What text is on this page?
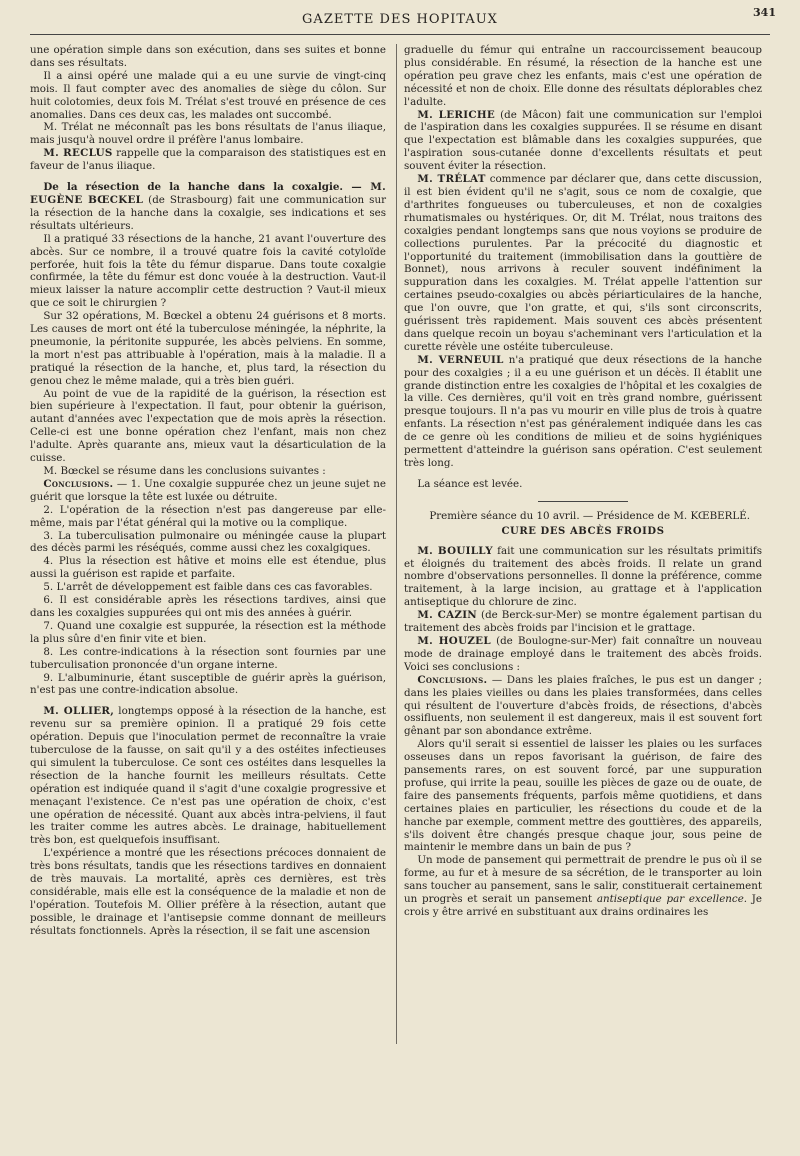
GAZETTE DES HOPITAUX	341

une opération simple dans son exécution, dans ses suites et bonne dans ses résultats.

Il a ainsi opéré une malade qui a eu une survie de vingt-cinq mois. Il faut compter avec des anomalies de siège du côlon. Sur huit colotomies, deux fois M. Trélat s'est trouvé en présence de ces anomalies. Dans ces deux cas, les malades ont succombé.

M. Trélat ne méconnaît pas les bons résultats de l'anus iliaque, mais jusqu'à nouvel ordre il préfère l'anus lombaire.

M. RECLUS rappelle que la comparaison des statistiques est en faveur de l'anus iliaque.

De la résection de la hanche dans la coxalgie. — M. EUGÈNE BŒCKEL (de Strasbourg) fait une communication sur la résection de la hanche dans la coxalgie, ses indications et ses résultats ultérieurs.

Il a pratiqué 33 résections de la hanche, 21 avant l'ouverture des abcès. Sur ce nombre, il a trouvé quatre fois la cavité cotyloïde perforée, huit fois la tête du fémur disparue. Dans toute coxalgie confirmée, la tête du fémur est donc vouée à la destruction. Vaut-il mieux laisser la nature accomplir cette destruction ? Vaut-il mieux que ce soit le chirurgien ?

Sur 32 opérations, M. Bœckel a obtenu 24 guérisons et 8 morts. Les causes de mort ont été la tuberculose méningée, la néphrite, la pneumonie, la péritonite suppurée, les abcès pelviens. En somme, la mort n'est pas attribuable à l'opération, mais à la maladie. Il a pratiqué la résection de la hanche, et, plus tard, la résection du genou chez le même malade, qui a très bien guéri.

Au point de vue de la rapidité de la guérison, la résection est bien supérieure à l'expectation. Il faut, pour obtenir la guérison, autant d'années avec l'expectation que de mois après la résection. Celle-ci est une bonne opération chez l'enfant, mais non chez l'adulte. Après quarante ans, mieux vaut la désarticulation de la cuisse.

M. Bœckel se résume dans les conclusions suivantes :

Conclusions. — 1. Une coxalgie suppurée chez un jeune sujet ne guérit que lorsque la tête est luxée ou détruite.

2. L'opération de la résection n'est pas dangereuse par elle-même, mais par l'état général qui la motive ou la complique.

3. La tuberculisation pulmonaire ou méningée cause la plupart des décès parmi les réséqués, comme aussi chez les coxalgiques.

4. Plus la résection est hâtive et moins elle est étendue, plus aussi la guérison est rapide et parfaite.

5. L'arrêt de développement est faible dans ces cas favorables.

6. Il est considérable après les résections tardives, ainsi que dans les coxalgies suppurées qui ont mis des années à guérir.

7. Quand une coxalgie est suppurée, la résection est la méthode la plus sûre d'en finir vite et bien.

8. Les contre-indications à la résection sont fournies par une tuberculisation prononcée d'un organe interne.

9. L'albuminurie, étant susceptible de guérir après la guérison, n'est pas une contre-indication absolue.

M. OLLIER, longtemps opposé à la résection de la hanche, est revenu sur sa première opinion. Il a pratiqué 29 fois cette opération. Depuis que l'inoculation permet de reconnaître la vraie tuberculose de la fausse, on sait qu'il y a des ostéites infectieuses qui simulent la tuberculose. Ce sont ces ostéites dans lesquelles la résection de la hanche fournit les meilleurs résultats. Cette opération est indiquée quand il s'agit d'une coxalgie progressive et menaçant l'existence. Ce n'est pas une opération de choix, c'est une opération de nécessité. Quant aux abcès intra-pelviens, il faut les traiter comme les autres abcès. Le drainage, habituellement très bon, est quelquefois insuffisant.

L'expérience a montré que les résections précoces donnaient de très bons résultats, tandis que les résections tardives en donnaient de très mauvais. La mortalité, après ces dernières, est très considérable, mais elle est la conséquence de la maladie et non de l'opération. Toutefois M. Ollier préfère à la résection, autant que possible, le drainage et l'antisepsie comme donnant de meilleurs résultats fonctionnels. Après la résection, il se fait une ascension

graduelle du fémur qui entraîne un raccourcissement beaucoup plus considérable. En résumé, la résection de la hanche est une opération peu grave chez les enfants, mais c'est une opération de nécessité et non de choix. Elle donne des résultats déplorables chez l'adulte.

M. LERICHE (de Mâcon) fait une communication sur l'emploi de l'aspiration dans les coxalgies suppurées. Il se résume en disant que l'expectation est blâmable dans les coxalgies suppurées, que l'aspiration sous-cutanée donne d'excellents résultats et peut souvent éviter la résection.

M. TRÉLAT commence par déclarer que, dans cette discussion, il est bien évident qu'il ne s'agit, sous ce nom de coxalgie, que d'arthrites fongueuses ou tuberculeuses, et non de coxalgies rhumatismales ou hystériques. Or, dit M. Trélat, nous traitons des coxalgies pendant longtemps sans que nous voyions se produire de collections purulentes. Par la précocité du diagnostic et l'opportunité du traitement (immobilisation dans la gouttière de Bonnet), nous arrivons à reculer souvent indéfiniment la suppuration dans les coxalgies. M. Trélat appelle l'attention sur certaines pseudo-coxalgies ou abcès périarticulaires de la hanche, que l'on ouvre, que l'on gratte, et qui, s'ils sont circonscrits, guérissent très rapidement. Mais souvent ces abcès présentent dans quelque recoin un boyau s'acheminant vers l'articulation et la curette révèle une ostéite tuberculeuse.

M. VERNEUIL n'a pratiqué que deux résections de la hanche pour des coxalgies ; il a eu une guérison et un décès. Il établit une grande distinction entre les coxalgies de l'hôpital et les coxalgies de la ville. Ces dernières, qu'il voit en très grand nombre, guérissent presque toujours. Il n'a pas vu mourir en ville plus de trois à quatre enfants. La résection n'est pas généralement indiquée dans les cas de ce genre où les conditions de milieu et de soins hygiéniques permettent d'atteindre la guérison sans opération. C'est seulement très long.

La séance est levée.

Première séance du 10 avril. — Présidence de M. KŒBERLÉ.

CURE DES ABCÈS FROIDS

M. BOUILLY fait une communication sur les résultats primitifs et éloignés du traitement des abcès froids. Il relate un grand nombre d'observations personnelles. Il donne la préférence, comme traitement, à la large incision, au grattage et à l'application antiseptique du chlorure de zinc.

M. CAZIN (de Berck-sur-Mer) se montre également partisan du traitement des abcès froids par l'incision et le grattage.

M. HOUZEL (de Boulogne-sur-Mer) fait connaître un nouveau mode de drainage employé dans le traitement des abcès froids. Voici ses conclusions :

Conclusions. — Dans les plaies fraîches, le pus est un danger ; dans les plaies vieilles ou dans les plaies transformées, dans celles qui résultent de l'ouverture d'abcès froids, de résections, d'abcès ossifluents, non seulement il est dangereux, mais il est souvent fort gênant par son abondance extrême.

Alors qu'il serait si essentiel de laisser les plaies ou les surfaces osseuses dans un repos favorisant la guérison, de faire des pansements rares, on est souvent forcé, par une suppuration profuse, qui irrite la peau, souille les pièces de gaze ou de ouate, de faire des pansements fréquents, parfois même quotidiens, et dans certaines plaies en particulier, les résections du coude et de la hanche par exemple, comment mettre des gouttières, des appareils, s'ils doivent être changés presque chaque jour, sous peine de maintenir le membre dans un bain de pus ?

Un mode de pansement qui permettrait de prendre le pus où il se forme, au fur et à mesure de sa sécrétion, de le transporter au loin sans toucher au pansement, sans le salir, constituerait certainement un progrès et serait un pansement antiseptique par excellence. Je crois y être arrivé en substituant aux drains ordinaires les
